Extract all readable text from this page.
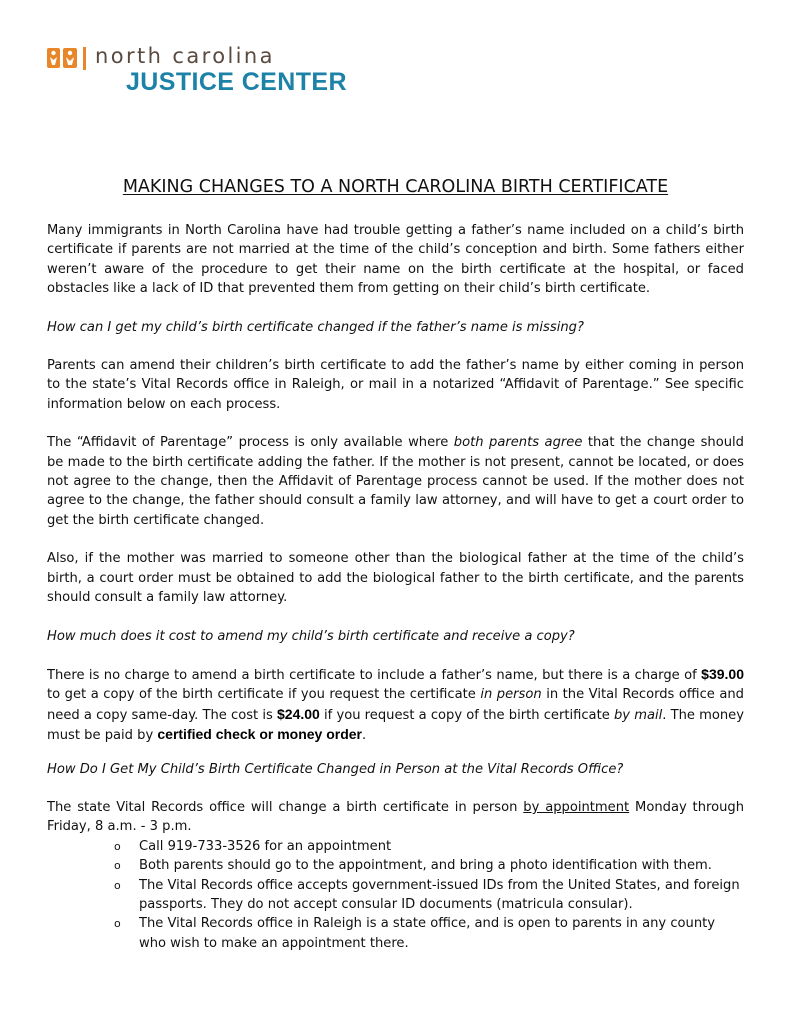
north carolina
JUSTICE CENTER
MAKING CHANGES TO A NORTH CAROLINA BIRTH CERTIFICATE

Many immigrants in North Carolina have had trouble getting a father’s name included on a child’s birth certificate if parents are not married at the time of the child’s conception and birth. Some fathers either weren’t aware of the procedure to get their name on the birth certificate at the hospital, or faced obstacles like a lack of ID that prevented them from getting on their child’s birth certificate.

How can I get my child’s birth certificate changed if the father’s name is missing?

Parents can amend their children’s birth certificate to add the father’s name by either coming in person to the state’s Vital Records office in Raleigh, or mail in a notarized “Affidavit of Parentage.” See specific information below on each process.

The “Affidavit of Parentage” process is only available where both parents agree that the change should be made to the birth certificate adding the father. If the mother is not present, cannot be located, or does not agree to the change, then the Affidavit of Parentage process cannot be used. If the mother does not agree to the change, the father should consult a family law attorney, and will have to get a court order to get the birth certificate changed.

Also, if the mother was married to someone other than the biological father at the time of the child’s birth, a court order must be obtained to add the biological father to the birth certificate, and the parents should consult a family law attorney.

How much does it cost to amend my child’s birth certificate and receive a copy?

There is no charge to amend a birth certificate to include a father’s name, but there is a charge of $39.00 to get a copy of the birth certificate if you request the certificate in person in the Vital Records office and need a copy same-day. The cost is $24.00 if you request a copy of the birth certificate by mail. The money must be paid by certified check or money order.

How Do I Get My Child’s Birth Certificate Changed in Person at the Vital Records Office?

The state Vital Records office will change a birth certificate in person by appointment Monday through Friday, 8 a.m. - 3 p.m.

o Call 919-733-3526 for an appointment
o Both parents should go to the appointment, and bring a photo identification with them.
o The Vital Records office accepts government-issued IDs from the United States, and foreign passports. They do not accept consular ID documents (matricula consular).
o The Vital Records office in Raleigh is a state office, and is open to parents in any county who wish to make an appointment there.
